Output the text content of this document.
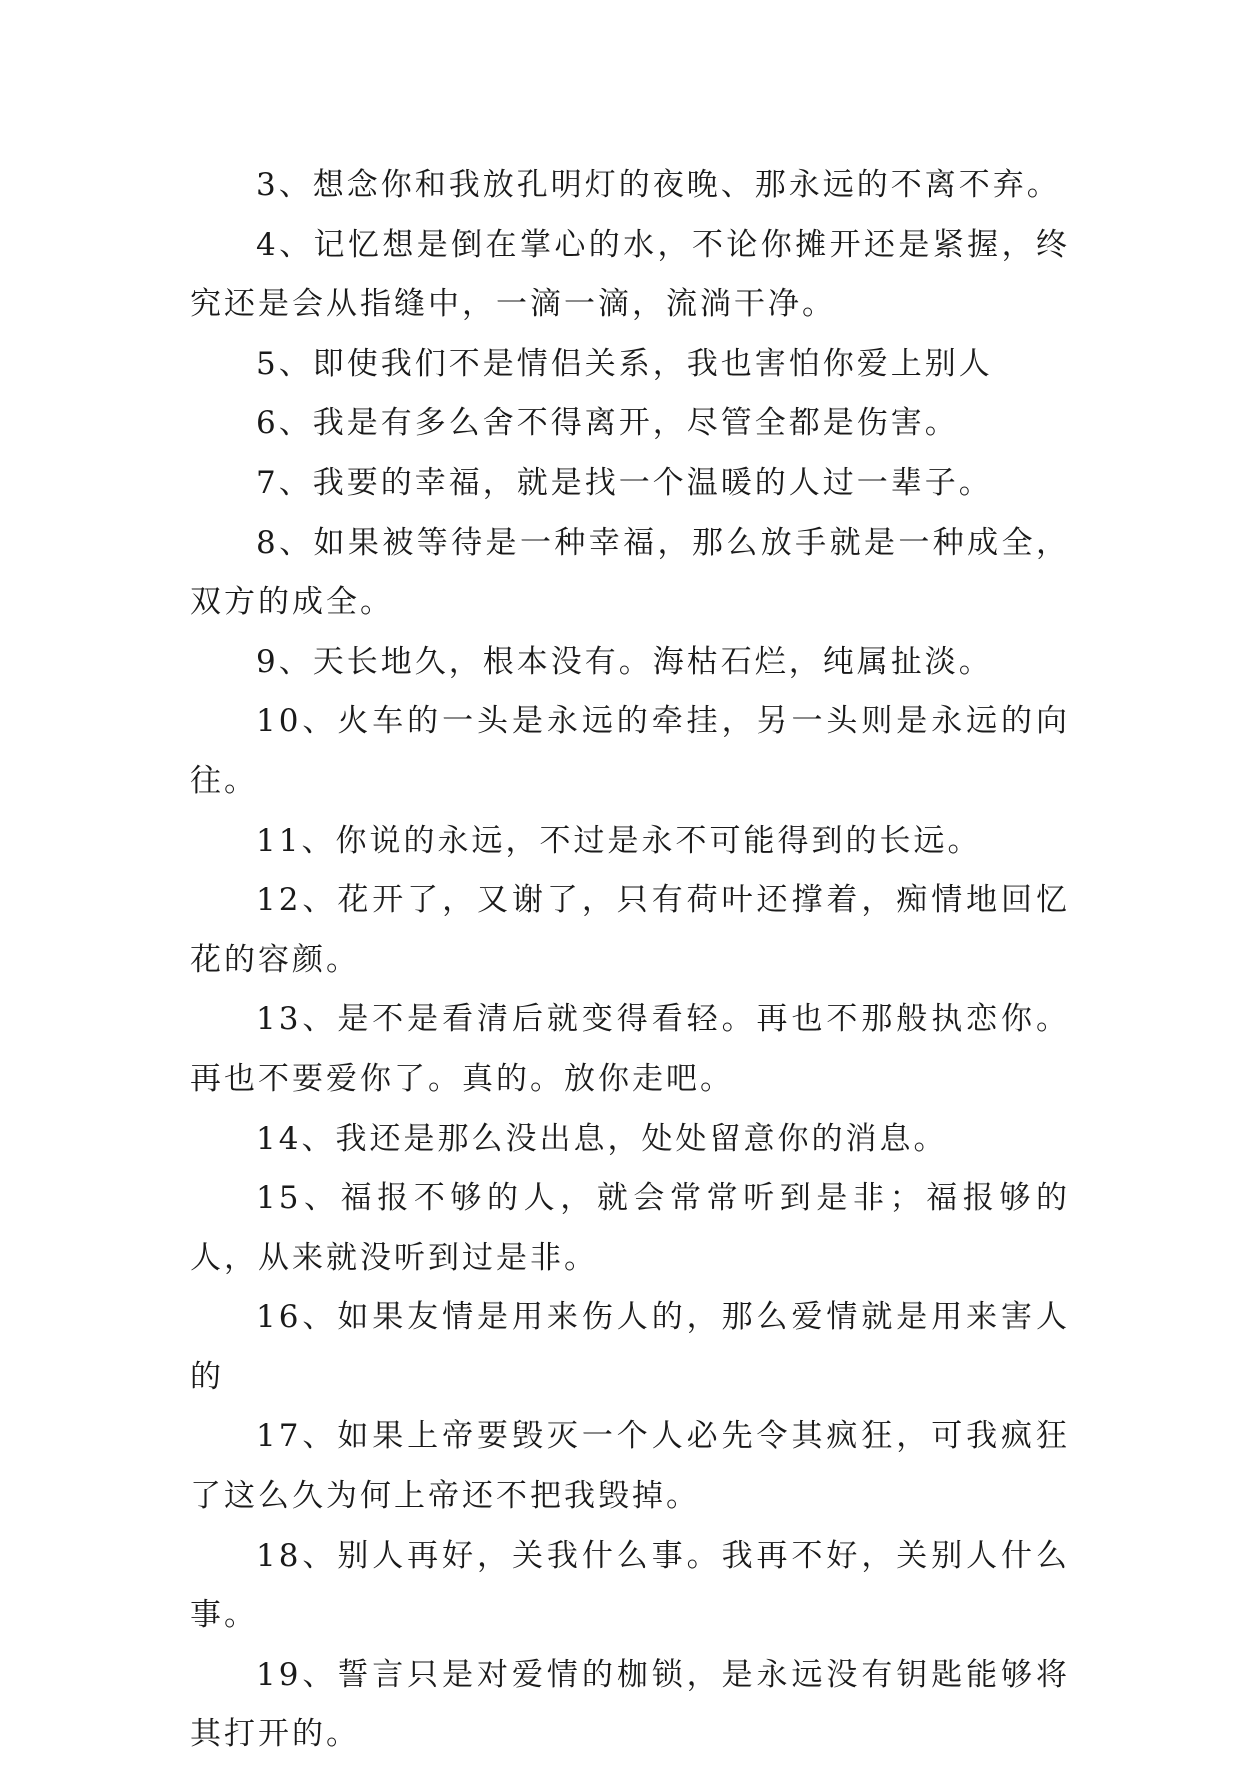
3、想念你和我放孔明灯的夜晚、那永远的不离不弃。

4、记忆想是倒在掌心的水，不论你摊开还是紧握，终究还是会从指缝中，一滴一滴，流淌干净。

5、即使我们不是情侣关系，我也害怕你爱上别人

6、我是有多么舍不得离开，尽管全都是伤害。

7、我要的幸福，就是找一个温暖的人过一辈子。

8、如果被等待是一种幸福，那么放手就是一种成全，双方的成全。

9、天长地久，根本没有。海枯石烂，纯属扯淡。

10、火车的一头是永远的牵挂，另一头则是永远的向往。

11、你说的永远，不过是永不可能得到的长远。

12、花开了，又谢了，只有荷叶还撑着，痴情地回忆花的容颜。

13、是不是看清后就变得看轻。再也不那般执恋你。再也不要爱你了。真的。放你走吧。

14、我还是那么没出息，处处留意你的消息。

15、福报不够的人，就会常常听到是非；福报够的人，从来就没听到过是非。

16、如果友情是用来伤人的，那么爱情就是用来害人的

17、如果上帝要毁灭一个人必先令其疯狂，可我疯狂了这么久为何上帝还不把我毁掉。

18、别人再好，关我什么事。我再不好，关别人什么事。

19、誓言只是对爱情的枷锁，是永远没有钥匙能够将其打开的。
